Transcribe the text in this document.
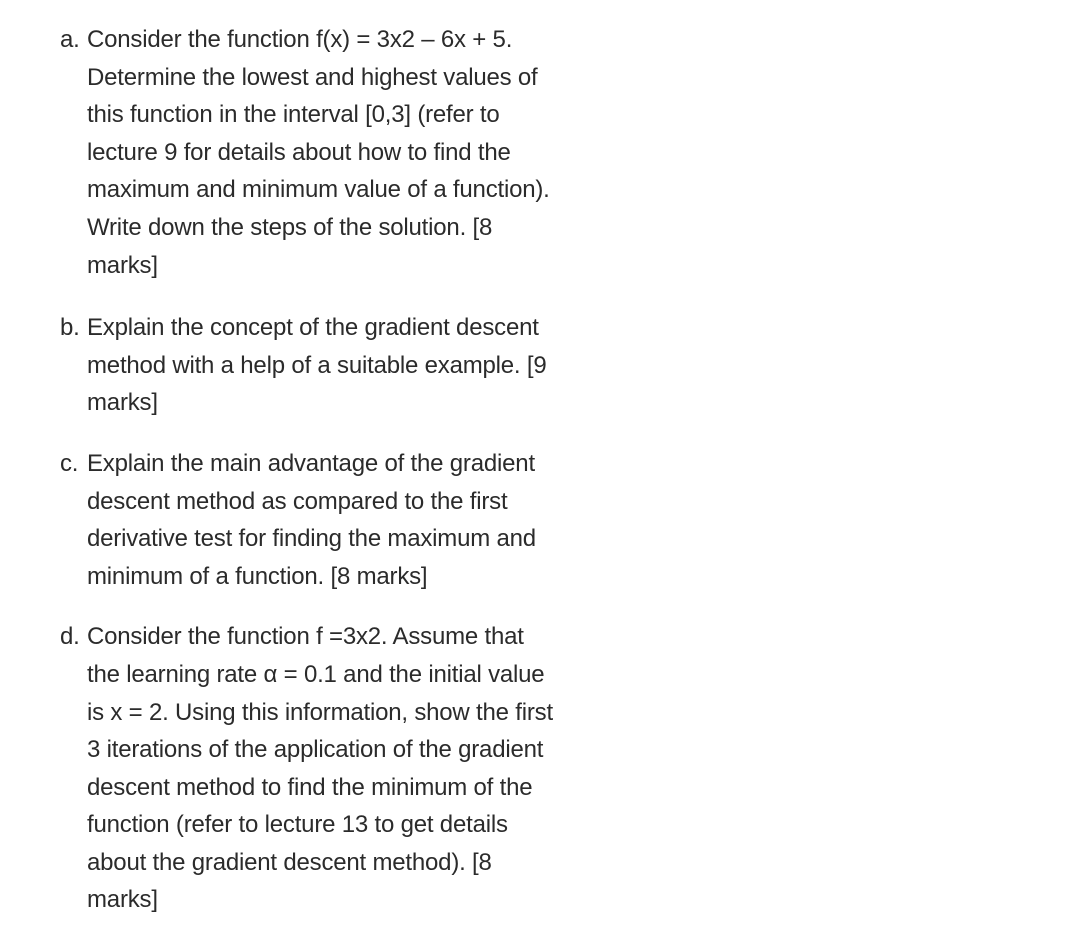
a. Consider the function f(x) = 3x2 – 6x + 5.
Determine the lowest and highest values of
this function in the interval [0,3] (refer to
lecture 9 for details about how to find the
maximum and minimum value of a function).
Write down the steps of the solution. [8
marks]
b. Explain the concept of the gradient descent
method with a help of a suitable example. [9
marks]
c. Explain the main advantage of the gradient
descent method as compared to the first
derivative test for finding the maximum and
minimum of a function. [8 marks]
d. Consider the function f =3x2. Assume that
the learning rate α = 0.1 and the initial value
is x = 2. Using this information, show the first
3 iterations of the application of the gradient
descent method to find the minimum of the
function (refer to lecture 13 to get details
about the gradient descent method). [8
marks]
